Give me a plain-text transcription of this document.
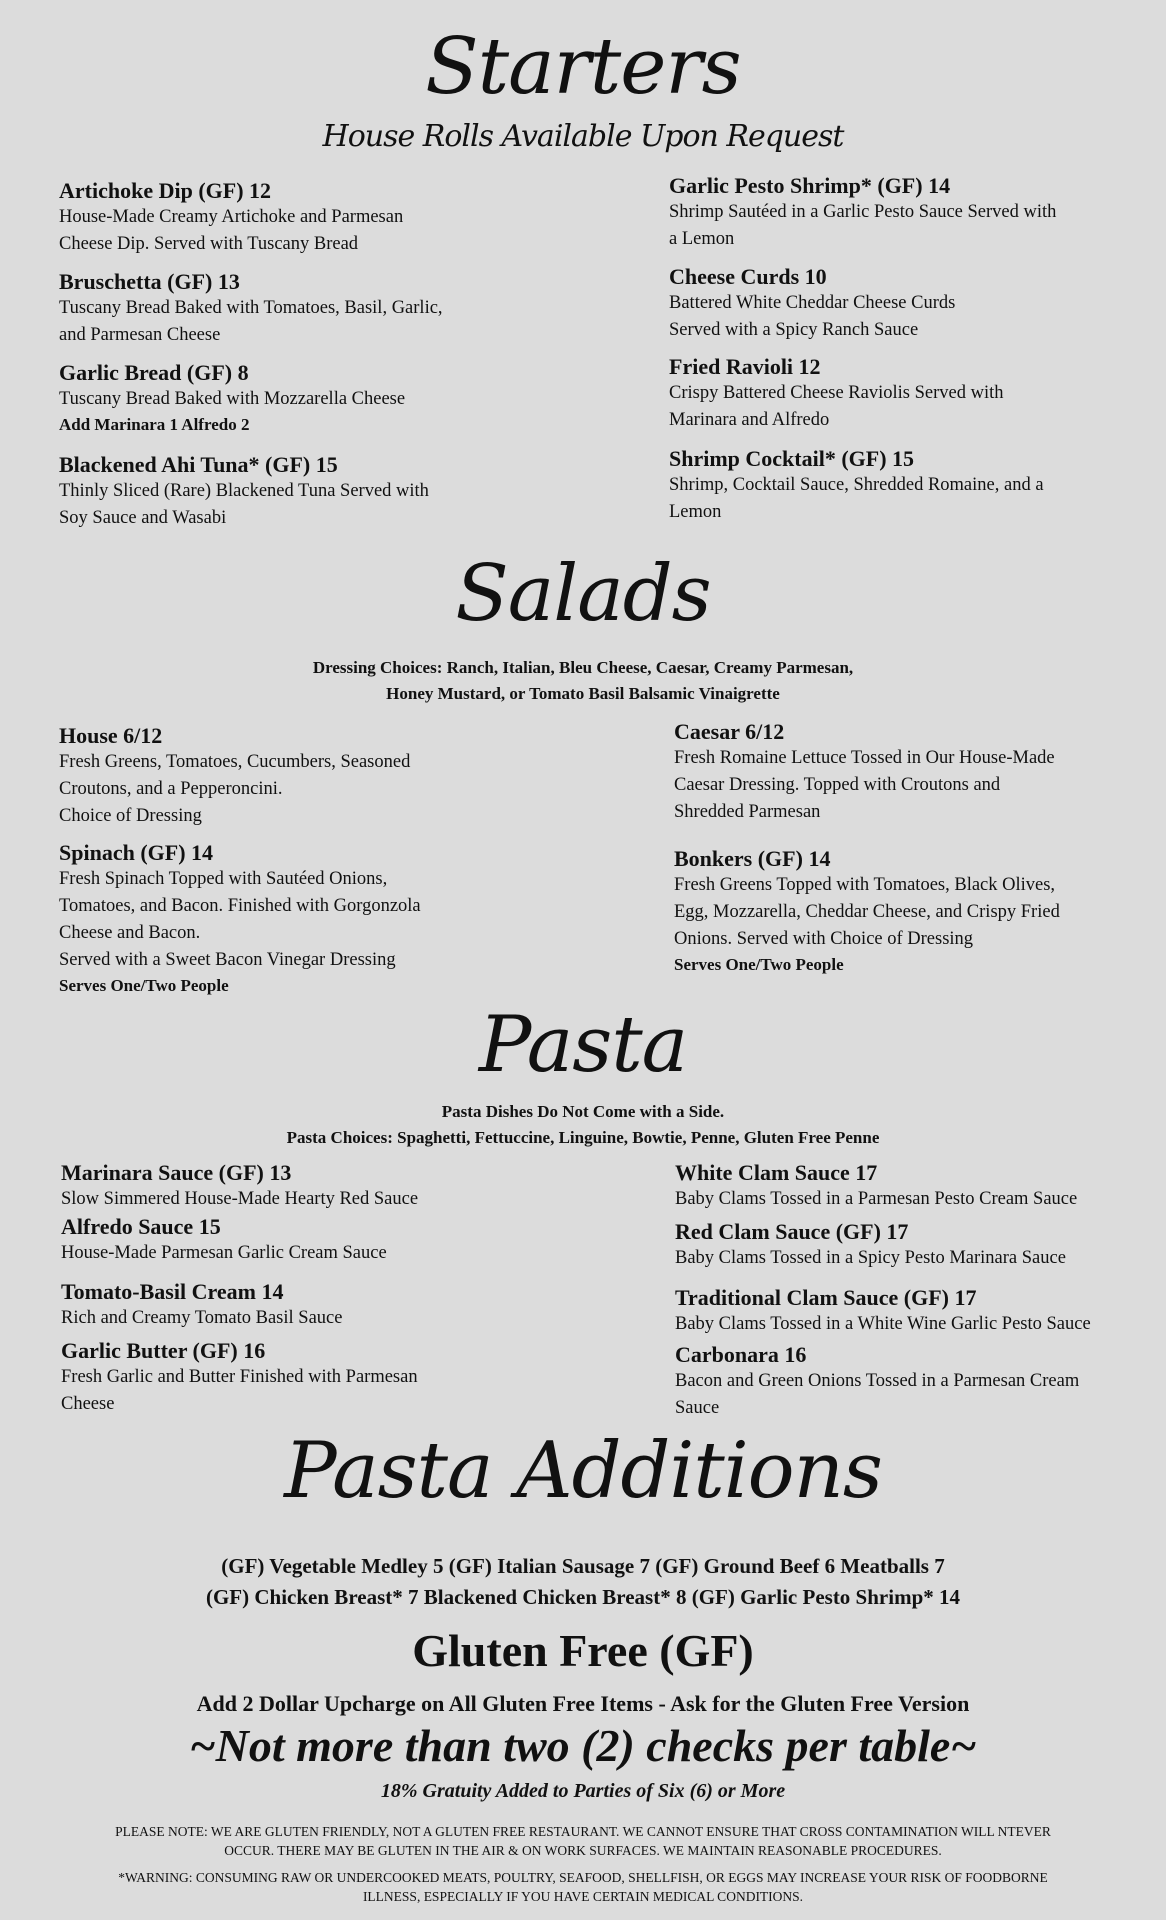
Starters

House Rolls Available Upon Request

Artichoke Dip (GF) 12

House-Made Creamy Artichoke and Parmesan

Cheese Dip. Served with Tuscany Bread

Bruschetta (GF) 13

Tuscany Bread Baked with Tomatoes, Basil, Garlic,

and Parmesan Cheese

Garlic Bread (GF) 8

Tuscany Bread Baked with Mozzarella Cheese

Add Marinara 1 Alfredo 2

Blackened Ahi Tuna* (GF) 15

Thinly Sliced (Rare) Blackened Tuna Served with

Soy Sauce and Wasabi

Garlic Pesto Shrimp* (GF) 14

Shrimp Sautéed in a Garlic Pesto Sauce Served with

a Lemon

Cheese Curds 10

Battered White Cheddar Cheese Curds

Served with a Spicy Ranch Sauce

Fried Ravioli 12

Crispy Battered Cheese Raviolis Served with

Marinara and Alfredo

Shrimp Cocktail* (GF) 15

Shrimp, Cocktail Sauce, Shredded Romaine, and a

Lemon

Salads

Dressing Choices: Ranch, Italian, Bleu Cheese, Caesar, Creamy Parmesan,

Honey Mustard, or Tomato Basil Balsamic Vinaigrette

House 6/12

Fresh Greens, Tomatoes, Cucumbers, Seasoned

Croutons, and a Pepperoncini.

Choice of Dressing

Spinach (GF) 14

Fresh Spinach Topped with Sautéed Onions,

Tomatoes, and Bacon. Finished with Gorgonzola

Cheese and Bacon.

Served with a Sweet Bacon Vinegar Dressing

Serves One/Two People

Caesar 6/12

Fresh Romaine Lettuce Tossed in Our House-Made

Caesar Dressing. Topped with Croutons and

Shredded Parmesan

Bonkers (GF) 14

Fresh Greens Topped with Tomatoes, Black Olives,

Egg, Mozzarella, Cheddar Cheese, and Crispy Fried

Onions. Served with Choice of Dressing

Serves One/Two People

Pasta

Pasta Dishes Do Not Come with a Side.

Pasta Choices: Spaghetti, Fettuccine, Linguine, Bowtie, Penne, Gluten Free Penne

Marinara Sauce (GF) 13

Slow Simmered House-Made Hearty Red Sauce

Alfredo Sauce 15

House-Made Parmesan Garlic Cream Sauce

Tomato-Basil Cream 14

Rich and Creamy Tomato Basil Sauce

Garlic Butter (GF) 16

Fresh Garlic and Butter Finished with Parmesan

Cheese

White Clam Sauce 17

Baby Clams Tossed in a Parmesan Pesto Cream Sauce

Red Clam Sauce (GF) 17

Baby Clams Tossed in a Spicy Pesto Marinara Sauce

Traditional Clam Sauce (GF) 17

Baby Clams Tossed in a White Wine Garlic Pesto Sauce

Carbonara 16

Bacon and Green Onions Tossed in a Parmesan Cream

Sauce

Pasta Additions

(GF) Vegetable Medley 5 (GF) Italian Sausage 7 (GF) Ground Beef 6 Meatballs 7

(GF) Chicken Breast* 7 Blackened Chicken Breast* 8 (GF) Garlic Pesto Shrimp* 14

Gluten Free (GF)

Add 2 Dollar Upcharge on All Gluten Free Items - Ask for the Gluten Free Version

~Not more than two (2) checks per table~

18% Gratuity Added to Parties of Six (6) or More

PLEASE NOTE: WE ARE GLUTEN FRIENDLY, NOT A GLUTEN FREE RESTAURANT. WE CANNOT ENSURE THAT CROSS CONTAMINATION WILL NTEVER

OCCUR. THERE MAY BE GLUTEN IN THE AIR & ON WORK SURFACES. WE MAINTAIN REASONABLE PROCEDURES.

*WARNING: CONSUMING RAW OR UNDERCOOKED MEATS, POULTRY, SEAFOOD, SHELLFISH, OR EGGS MAY INCREASE YOUR RISK OF FOODBORNE

ILLNESS, ESPECIALLY IF YOU HAVE CERTAIN MEDICAL CONDITIONS.
